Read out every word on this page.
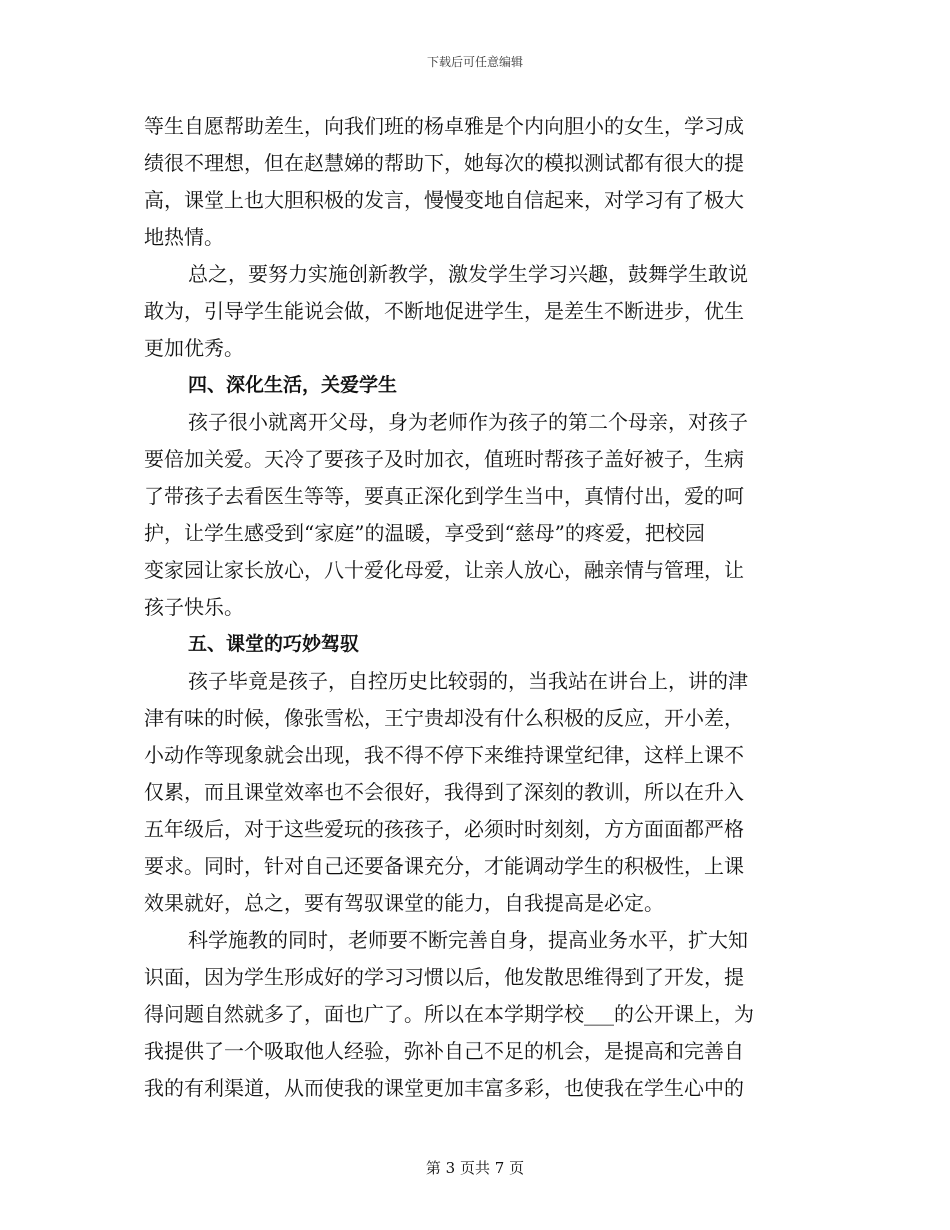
下载后可任意编辑
等生自愿帮助差生，向我们班的杨卓雅是个内向胆小的女生，学习成
绩很不理想，但在赵慧娣的帮助下，她每次的模拟测试都有很大的提
高，课堂上也大胆积极的发言，慢慢变地自信起来，对学习有了极大
地热情。
总之，要努力实施创新教学，激发学生学习兴趣，鼓舞学生敢说
敢为，引导学生能说会做，不断地促进学生，是差生不断进步，优生
更加优秀。
四、深化生活，关爱学生
孩子很小就离开父母，身为老师作为孩子的第二个母亲，对孩子
要倍加关爱。天冷了要孩子及时加衣，值班时帮孩子盖好被子，生病
了带孩子去看医生等等，要真正深化到学生当中，真情付出，爱的呵
护，让学生感受到“家庭”的温暖，享受到“慈母”的疼爱，把校园
变家园让家长放心，八十爱化母爱，让亲人放心，融亲情与管理，让
孩子快乐。
五、课堂的巧妙驾驭
孩子毕竟是孩子，自控历史比较弱的，当我站在讲台上，讲的津
津有味的时候，像张雪松，王宁贵却没有什么积极的反应，开小差，
小动作等现象就会出现，我不得不停下来维持课堂纪律，这样上课不
仅累，而且课堂效率也不会很好，我得到了深刻的教训，所以在升入
五年级后，对于这些爱玩的孩孩子，必须时时刻刻，方方面面都严格
要求。同时，针对自己还要备课充分，才能调动学生的积极性，上课
效果就好，总之，要有驾驭课堂的能力，自我提高是必定。
科学施教的同时，老师要不断完善自身，提高业务水平，扩大知
识面，因为学生形成好的学习习惯以后，他发散思维得到了开发，提
得问题自然就多了，面也广了。所以在本学期学校___的公开课上，为
我提供了一个吸取他人经验，弥补自己不足的机会，是提高和完善自
我的有利渠道，从而使我的课堂更加丰富多彩，也使我在学生心中的
第 3 页共 7 页
